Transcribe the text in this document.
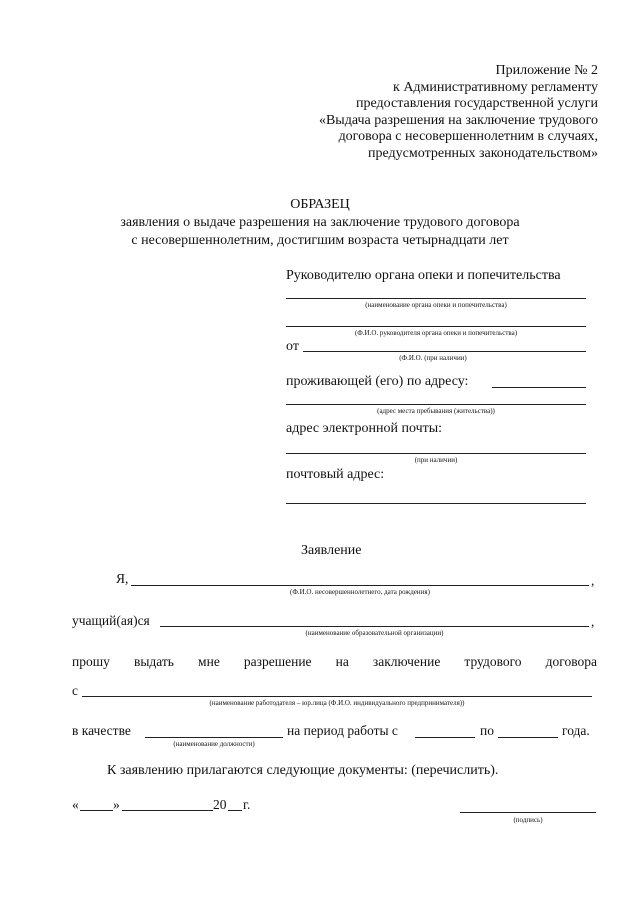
Приложение № 2
к Административному регламенту
предоставления государственной услуги
«Выдача разрешения на заключение трудового
договора с несовершеннолетним в случаях,
предусмотренных законодательством»
ОБРАЗЕЦ
заявления о выдаче разрешения на заключение трудового договора
с несовершеннолетним, достигшим возраста четырнадцати лет
Руководителю органа опеки и попечительства
(наименование органа опеки и попечительства)
(Ф.И.О. руководителя органа опеки и попечительства)
от
(Ф.И.О. (при наличии)
проживающей (его) по адресу:
(адрес места пребывания (жительства))
адрес электронной почты:
(при наличии)
почтовый адрес:
Заявление
Я,	,
(Ф.И.О. несовершеннолетнего, дата рождения)
учащий(ая)ся	,
(наименование образовательной организации)
прошу выдать мне разрешение на заключение трудового договора
с
(наименование работодателя – юр.лица (Ф.И.О. индивидуального предпринимателя))
в качестве	на период работы с	по	года.
(наименование должности)
К заявлению прилагаются следующие документы: (перечислить).
«	»	20 г.
(подпись)
